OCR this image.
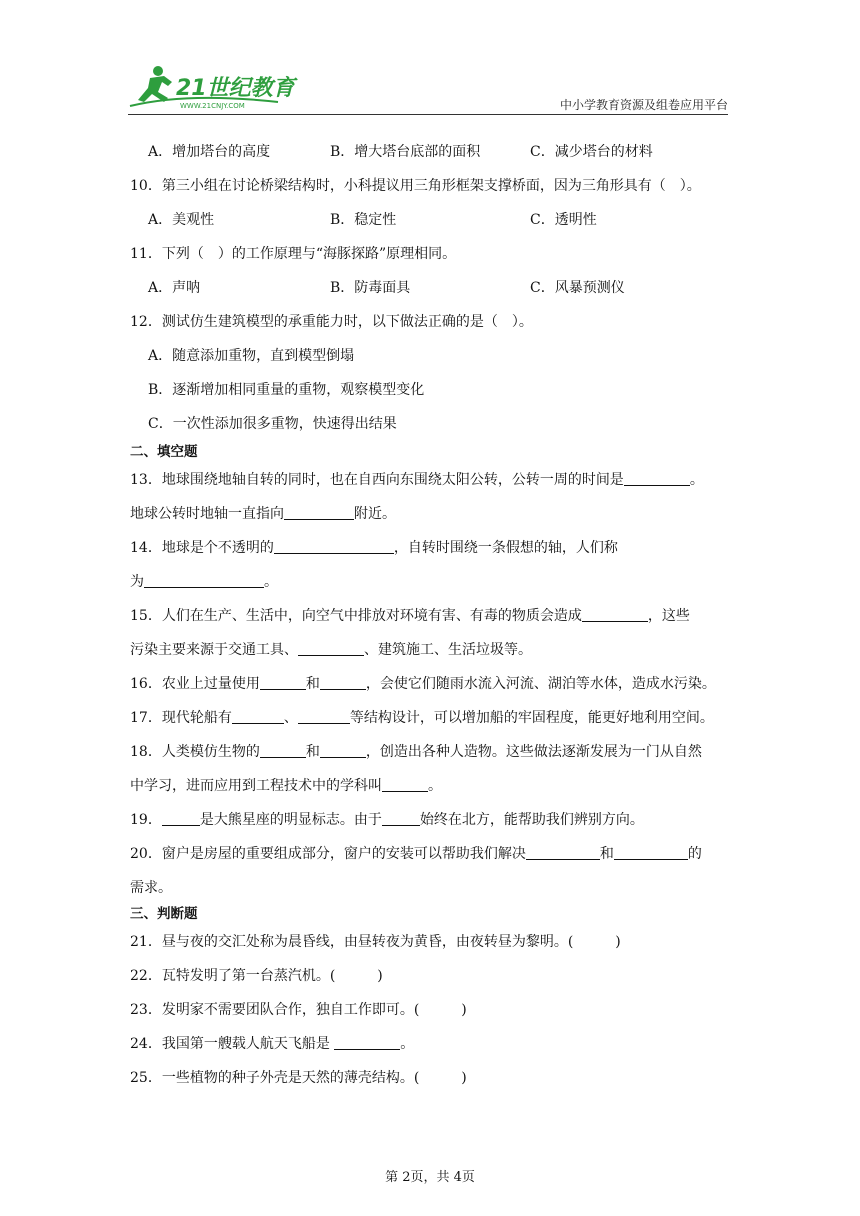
21世纪教育
WWW.21CNJY.COM	中小学教育资源及组卷应用平台
A．增加塔台的高度	B．增大塔台底部的面积	C．减少塔台的材料
10．第三小组在讨论桥梁结构时，小科提议用三角形框架支撑桥面，因为三角形具有（　）。
A．美观性	B．稳定性	C．透明性
11．下列（　）的工作原理与“海豚探路”原理相同。
A．声呐	B．防毒面具	C．风暴预测仪
12．测试仿生建筑模型的承重能力时，以下做法正确的是（　）。
A．随意添加重物，直到模型倒塌
B．逐渐增加相同重量的重物，观察模型变化
C．一次性添加很多重物，快速得出结果
二、填空题
13．地球围绕地轴自转的同时，也在自西向东围绕太阳公转，公转一周的时间是	。
地球公转时地轴一直指向	附近。
14．地球是个不透明的	，自转时围绕一条假想的轴，人们称
为	。
15．人们在生产、生活中，向空气中排放对环境有害、有毒的物质会造成	，这些
污染主要来源于交通工具、	、建筑施工、生活垃圾等。
16．农业上过量使用	和	，会使它们随雨水流入河流、湖泊等水体，造成水污染。
17．现代轮船有	、	等结构设计，可以增加船的牢固程度，能更好地利用空间。
18．人类模仿生物的	和	，创造出各种人造物。这些做法逐渐发展为一门从自然
中学习，进而应用到工程技术中的学科叫	。
19．	是大熊星座的明显标志。由于	始终在北方，能帮助我们辨别方向。
20．窗户是房屋的重要组成部分，窗户的安装可以帮助我们解决	和	的
需求。
三、判断题
21．昼与夜的交汇处称为晨昏线，由昼转夜为黄昏，由夜转昼为黎明。(　　　)
22．瓦特发明了第一台蒸汽机。(　　　)
23．发明家不需要团队合作，独自工作即可。(　　　)
24．我国第一艘载人航天飞船是	。
25．一些植物的种子外壳是天然的薄壳结构。(　　　)
第 2页，共 4页
